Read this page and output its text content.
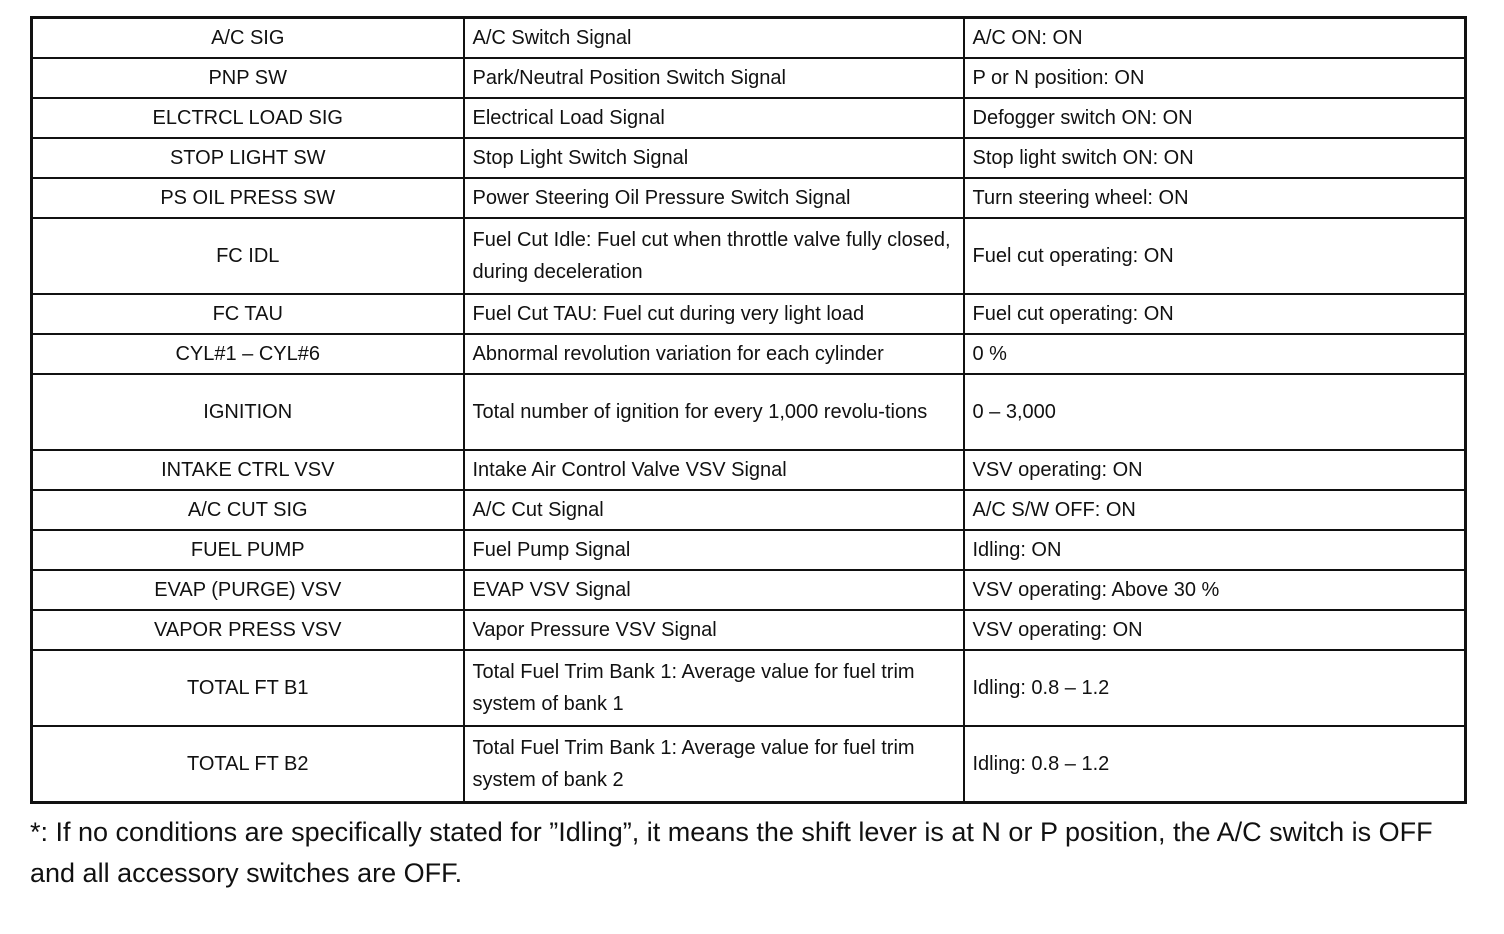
A/C SIG	A/C Switch Signal	A/C ON: ON
PNP SW	Park/Neutral Position Switch Signal	P or N position: ON
ELCTRCL LOAD SIG	Electrical Load Signal	Defogger switch ON: ON
STOP LIGHT SW	Stop Light Switch Signal	Stop light switch ON: ON
PS OIL PRESS SW	Power Steering Oil Pressure Switch Signal	Turn steering wheel: ON
FC IDL	Fuel Cut Idle: Fuel cut when throttle valve fully closed, during deceleration	Fuel cut operating: ON
FC TAU	Fuel Cut TAU: Fuel cut during very light load	Fuel cut operating: ON
CYL#1 – CYL#6	Abnormal revolution variation for each cylinder	0 %
IGNITION	Total number of ignition for every 1,000 revolu-tions	0 – 3,000
INTAKE CTRL VSV	Intake Air Control Valve VSV Signal	VSV operating: ON
A/C CUT SIG	A/C Cut Signal	A/C S/W OFF: ON
FUEL PUMP	Fuel Pump Signal	Idling: ON
EVAP (PURGE) VSV	EVAP VSV Signal	VSV operating: Above 30 %
VAPOR PRESS VSV	Vapor Pressure VSV Signal	VSV operating: ON
TOTAL FT B1	Total Fuel Trim Bank 1: Average value for fuel trim system of bank 1	Idling: 0.8 – 1.2
TOTAL FT B2	Total Fuel Trim Bank 1: Average value for fuel trim system of bank 2	Idling: 0.8 – 1.2
*: If no conditions are specifically stated for ”Idling”, it means the shift lever is at N or P position, the A/C switch is OFF and all accessory switches are OFF.
